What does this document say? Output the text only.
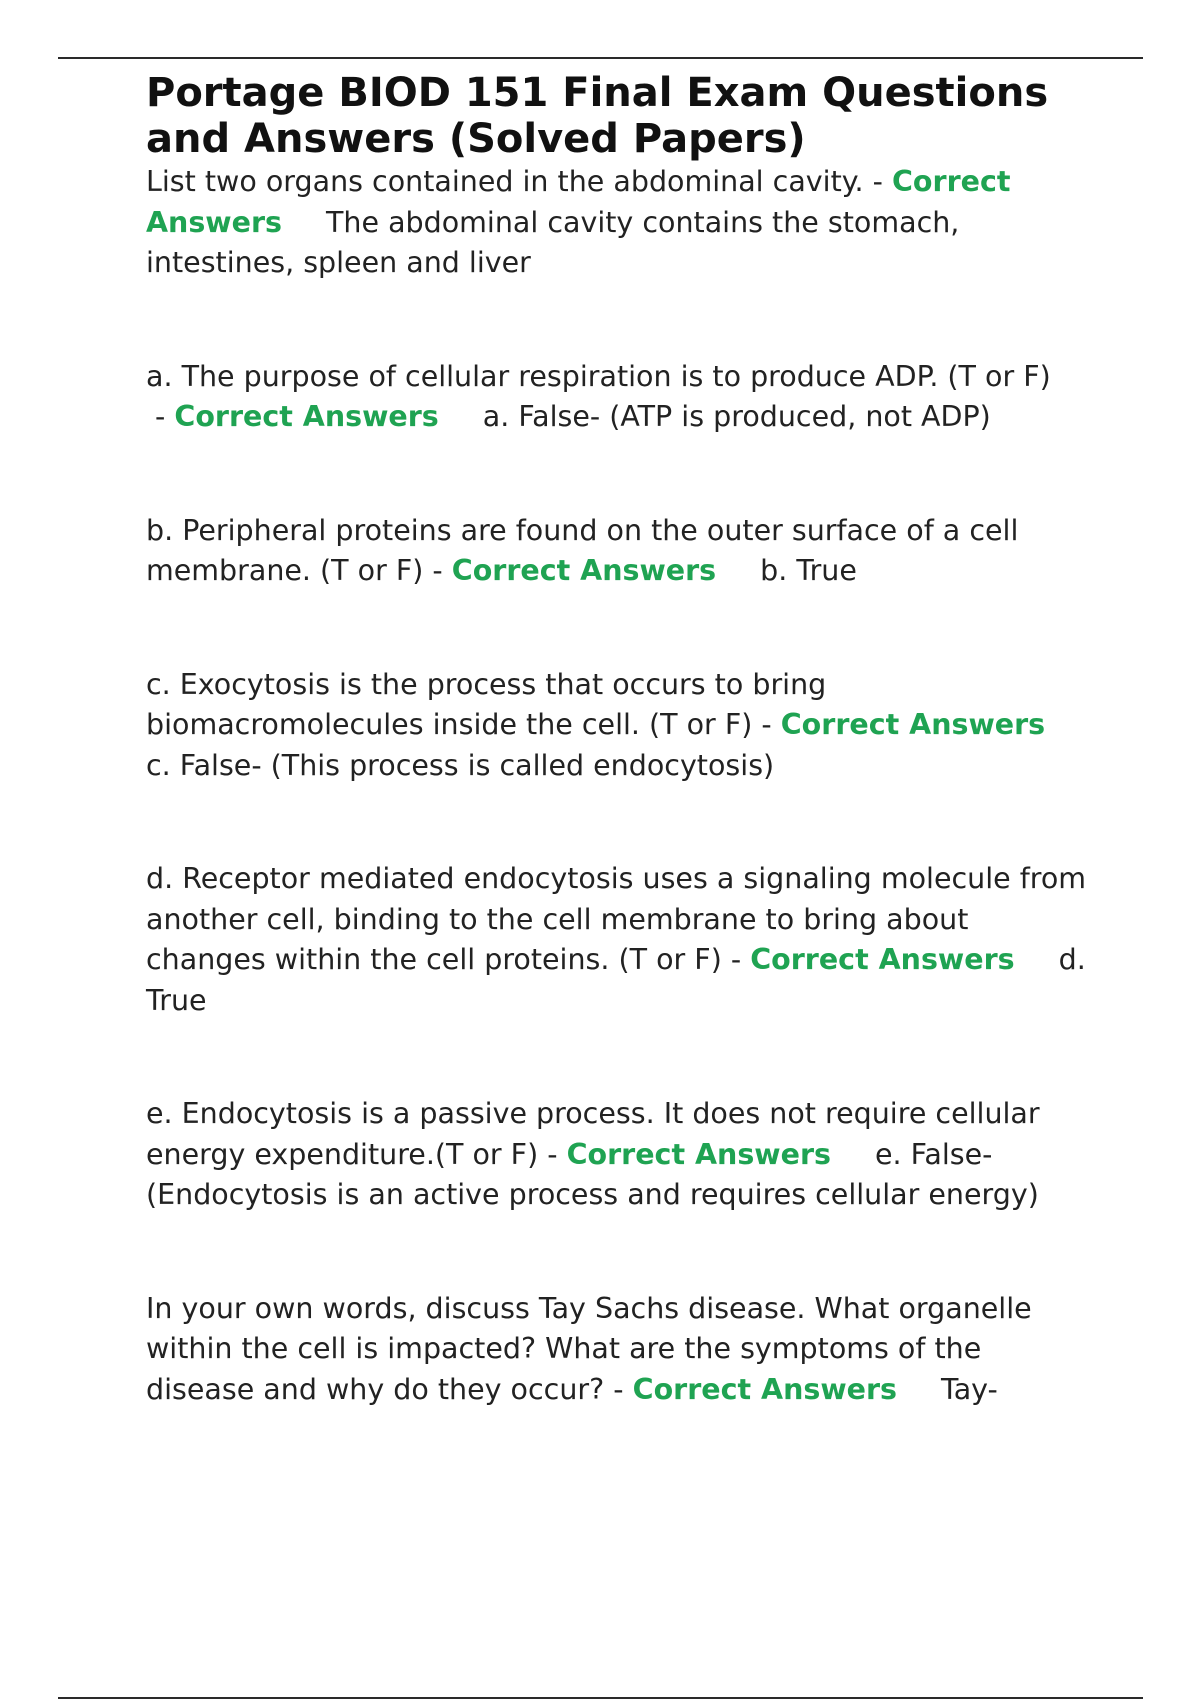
Portage BIOD 151 Final Exam Questions and Answers (Solved Papers)

List two organs contained in the abdominal cavity. - Correct Answers The abdominal cavity contains the stomach, intestines, spleen and liver

a. The purpose of cellular respiration is to produce ADP. (T or F) - Correct Answers a. False- (ATP is produced, not ADP)

b. Peripheral proteins are found on the outer surface of a cell membrane. (T or F) - Correct Answers b. True

c. Exocytosis is the process that occurs to bring biomacromolecules inside the cell. (T or F) - Correct Answersc. False- (This process is called endocytosis)

d. Receptor mediated endocytosis uses a signaling molecule from another cell, binding to the cell membrane to bring about changes within the cell proteins. (T or F) - Correct Answers d. True

e. Endocytosis is a passive process. It does not require cellular energy expenditure.(T or F) - Correct Answers e. False- (Endocytosis is an active process and requires cellular energy)

In your own words, discuss Tay Sachs disease. What organelle within the cell is impacted? What are the symptoms of the disease and why do they occur? - Correct Answers Tay-
